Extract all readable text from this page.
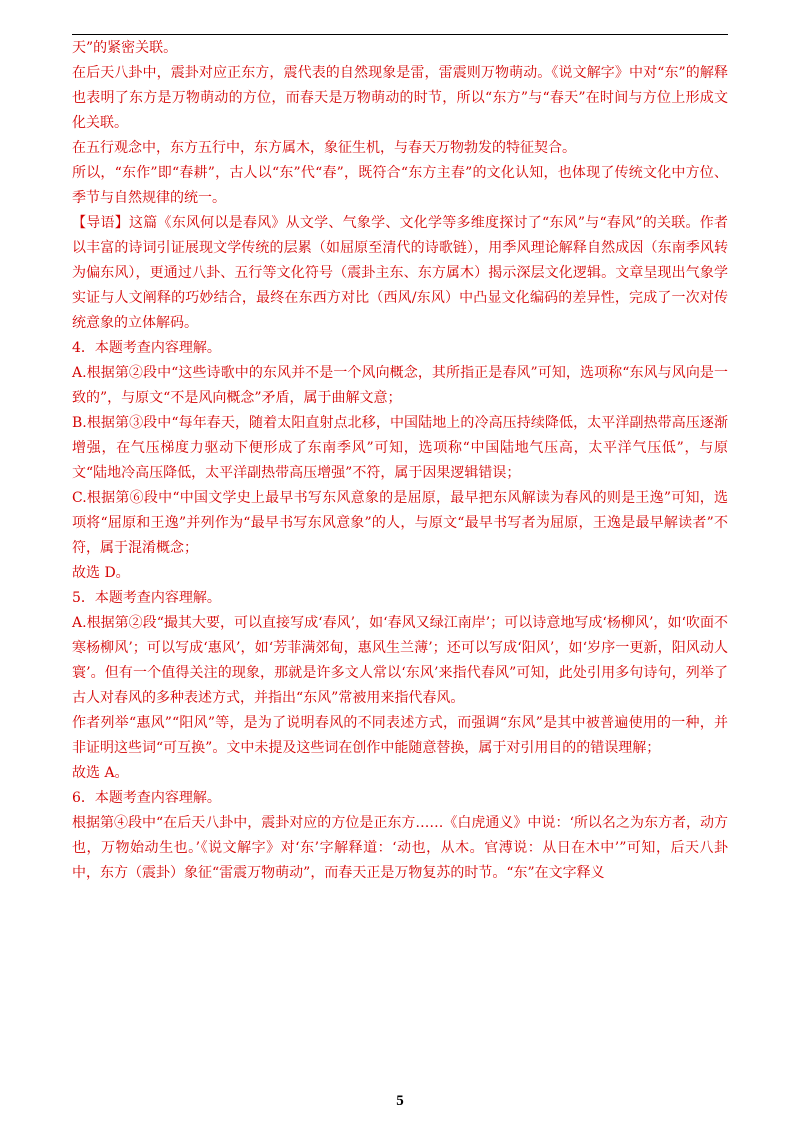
天”的紧密关联。

在后天八卦中，震卦对应正东方，震代表的自然现象是雷，雷震则万物萌动。《说文解字》中对“东”的解释也表明了东方是万物萌动的方位，而春天是万物萌动的时节，所以“东方”与“春天”在时间与方位上形成文化关联。

在五行观念中，东方五行中，东方属木，象征生机，与春天万物勃发的特征契合。

所以，“东作”即“春耕”，古人以“东”代“春”，既符合“东方主春”的文化认知，也体现了传统文化中方位、季节与自然规律的统一。

【导语】这篇《东风何以是春风》从文学、气象学、文化学等多维度探讨了“东风”与“春风”的关联。作者以丰富的诗词引证展现文学传统的层累（如屈原至清代的诗歌链），用季风理论解释自然成因（东南季风转为偏东风），更通过八卦、五行等文化符号（震卦主东、东方属木）揭示深层文化逻辑。文章呈现出气象学实证与人文阐释的巧妙结合，最终在东西方对比（西风/东风）中凸显文化编码的差异性，完成了一次对传统意象的立体解码。

4．本题考查内容理解。

A.根据第②段中“这些诗歌中的东风并不是一个风向概念，其所指正是春风”可知，选项称“东风与风向是一致的”，与原文“不是风向概念”矛盾，属于曲解文意；

B.根据第③段中“每年春天，随着太阳直射点北移，中国陆地上的冷高压持续降低，太平洋副热带高压逐渐增强，在气压梯度力驱动下便形成了东南季风”可知，选项称“中国陆地气压高，太平洋气压低”，与原文“陆地冷高压降低，太平洋副热带高压增强”不符，属于因果逻辑错误；

C.根据第⑥段中“中国文学史上最早书写东风意象的是屈原，最早把东风解读为春风的则是王逸”可知，选项将“屈原和王逸”并列作为“最早书写东风意象”的人，与原文“最早书写者为屈原，王逸是最早解读者”不符，属于混淆概念；

故选 D。

5．本题考查内容理解。

A.根据第②段“撮其大要，可以直接写成‘春风’，如‘春风又绿江南岸’；可以诗意地写成‘杨柳风’，如‘吹面不寒杨柳风’；可以写成‘惠风’，如‘芳菲满郊甸，惠风生兰薄’；还可以写成‘阳风’，如‘岁序一更新，阳风动人寰’。但有一个值得关注的现象，那就是许多文人常以‘东风’来指代春风”可知，此处引用多句诗句，列举了古人对春风的多种表述方式，并指出“东风”常被用来指代春风。

作者列举“惠风”“阳风”等，是为了说明春风的不同表述方式，而强调“东风”是其中被普遍使用的一种，并非证明这些词“可互换”。文中未提及这些词在创作中能随意替换，属于对引用目的的错误理解；

故选 A。

6．本题考查内容理解。

根据第④段中“在后天八卦中，震卦对应的方位是正东方……《白虎通义》中说：‘所以名之为东方者，动方也，万物始动生也。’《说文解字》对‘东’字解释道：‘动也，从木。官溥说：从日在木中’”可知，后天八卦中，东方（震卦）象征“雷震万物萌动”，而春天正是万物复苏的时节。“东”在文字释义

5
